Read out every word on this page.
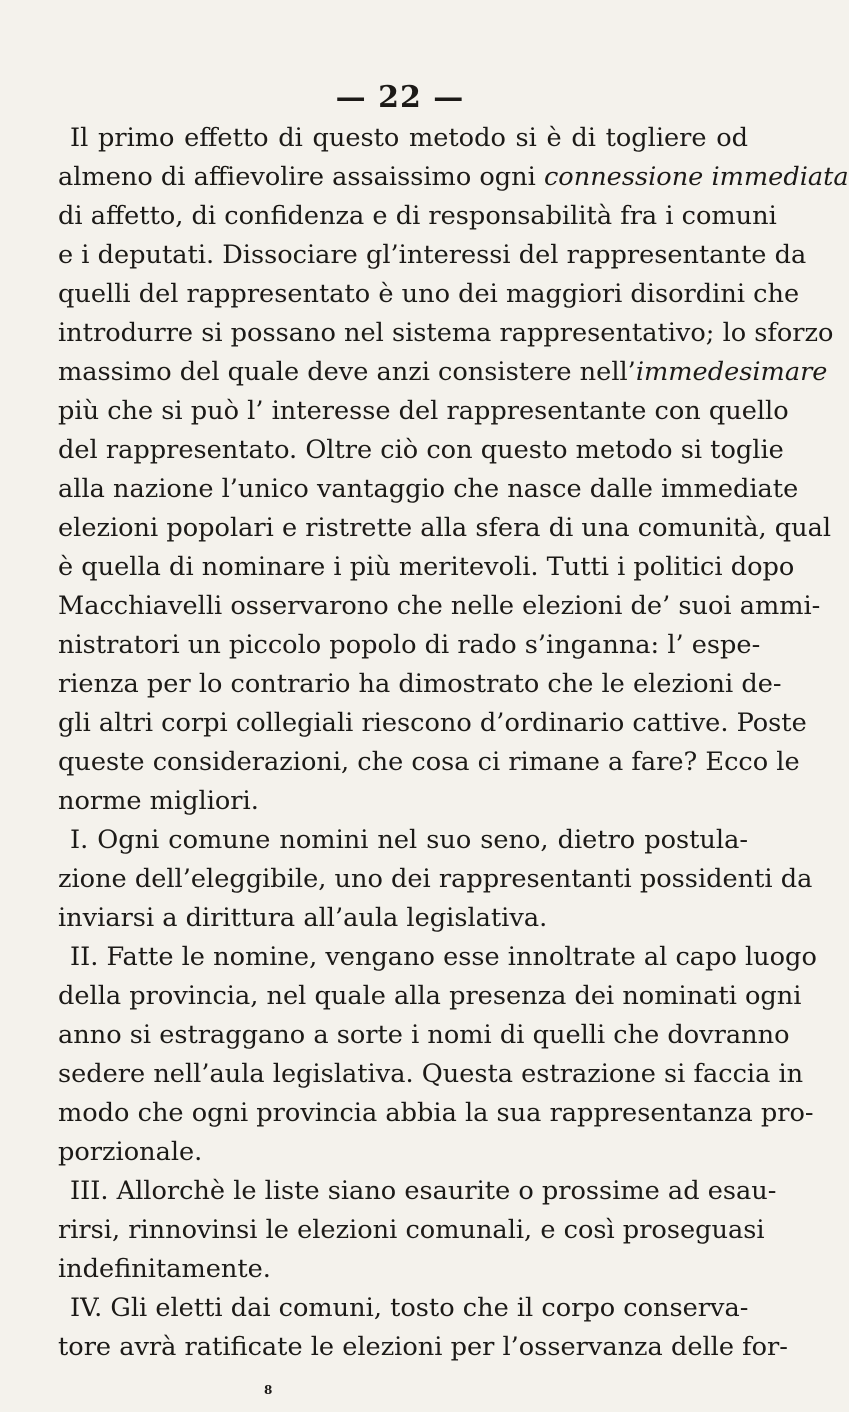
— 22 —
Il primo effetto di questo metodo si è di togliere od
almeno di affievolire assaissimo ogni connessione immediata
di affetto, di confidenza e di responsabilità fra i comuni
e i deputati. Dissociare gl’interessi del rappresentante da
quelli del rappresentato è uno dei maggiori disordini che
introdurre si possano nel sistema rappresentativo; lo sforzo
massimo del quale deve anzi consistere nell’immedesimare
più che si può l’ interesse del rappresentante con quello
del rappresentato. Oltre ciò con questo metodo si toglie
alla nazione l’unico vantaggio che nasce dalle immediate
elezioni popolari e ristrette alla sfera di una comunità, qual
è quella di nominare i più meritevoli. Tutti i politici dopo
Macchiavelli osservarono che nelle elezioni de’ suoi ammi-
nistratori un piccolo popolo di rado s’inganna: l’ espe-
rienza per lo contrario ha dimostrato che le elezioni de-
gli altri corpi collegiali riescono d’ordinario cattive. Poste
queste considerazioni, che cosa ci rimane a fare? Ecco le
norme migliori.
I. Ogni comune nomini nel suo seno, dietro postula-
zione dell’eleggibile, uno dei rappresentanti possidenti da
inviarsi a dirittura all’aula legislativa.
II. Fatte le nomine, vengano esse innoltrate al capo luogo
della provincia, nel quale alla presenza dei nominati ogni
anno si estraggano a sorte i nomi di quelli che dovranno
sedere nell’aula legislativa. Questa estrazione si faccia in
modo che ogni provincia abbia la sua rappresentanza pro-
porzionale.
III. Allorchè le liste siano esaurite o prossime ad esau-
rirsi, rinnovinsi le elezioni comunali, e così proseguasi
indefinitamente.
IV. Gli eletti dai comuni, tosto che il corpo conserva-
tore avrà ratificate le elezioni per l’osservanza delle for-
8
